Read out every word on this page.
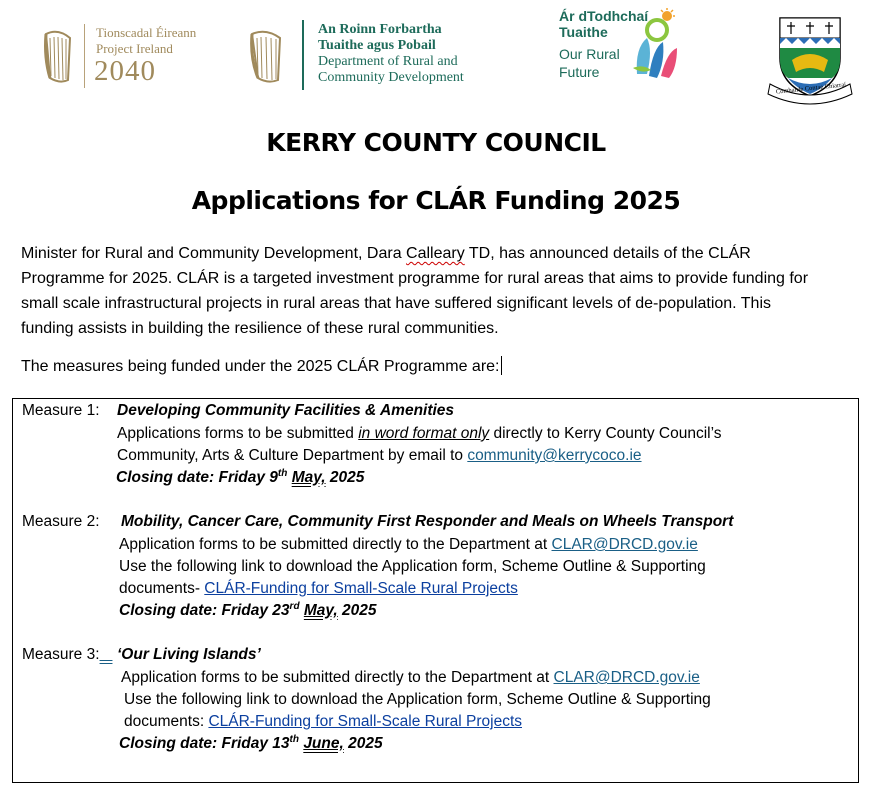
Tionscadal Éireann
Project Ireland
2040
An Roinn Forbartha
Tuaithe agus Pobail
Department of Rural and
Community Development
Ár dTodhchaí
Tuaithe
Our Rural
Future
Comhairle Contae Chiarraí
KERRY COUNTY COUNCIL
Applications for CLÁR Funding 2025
Minister for Rural and Community Development, Dara Calleary TD, has announced details of the CLÁR
Programme for 2025. CLÁR is a targeted investment programme for rural areas that aims to provide funding for
small scale infrastructural projects in rural areas that have suffered significant levels of de-population. This
funding assists in building the resilience of these rural communities.
The measures being funded under the 2025 CLÁR Programme are:
Measure 1: Developing Community Facilities & Amenities
Applications forms to be submitted in word format only directly to Kerry County Council’s
Community, Arts & Culture Department by email to community@kerrycoco.ie
Closing date: Friday 9th May, 2025
Measure 2: Mobility, Cancer Care, Community First Responder and Meals on Wheels Transport
Application forms to be submitted directly to the Department at CLAR@DRCD.gov.ie
Use the following link to download the Application form, Scheme Outline & Supporting
documents- CLÁR-Funding for Small-Scale Rural Projects
Closing date: Friday 23rd May, 2025
Measure 3:	‘Our Living Islands’
Application forms to be submitted directly to the Department at CLAR@DRCD.gov.ie
Use the following link to download the Application form, Scheme Outline & Supporting
documents: CLÁR-Funding for Small-Scale Rural Projects
Closing date: Friday 13th June, 2025
